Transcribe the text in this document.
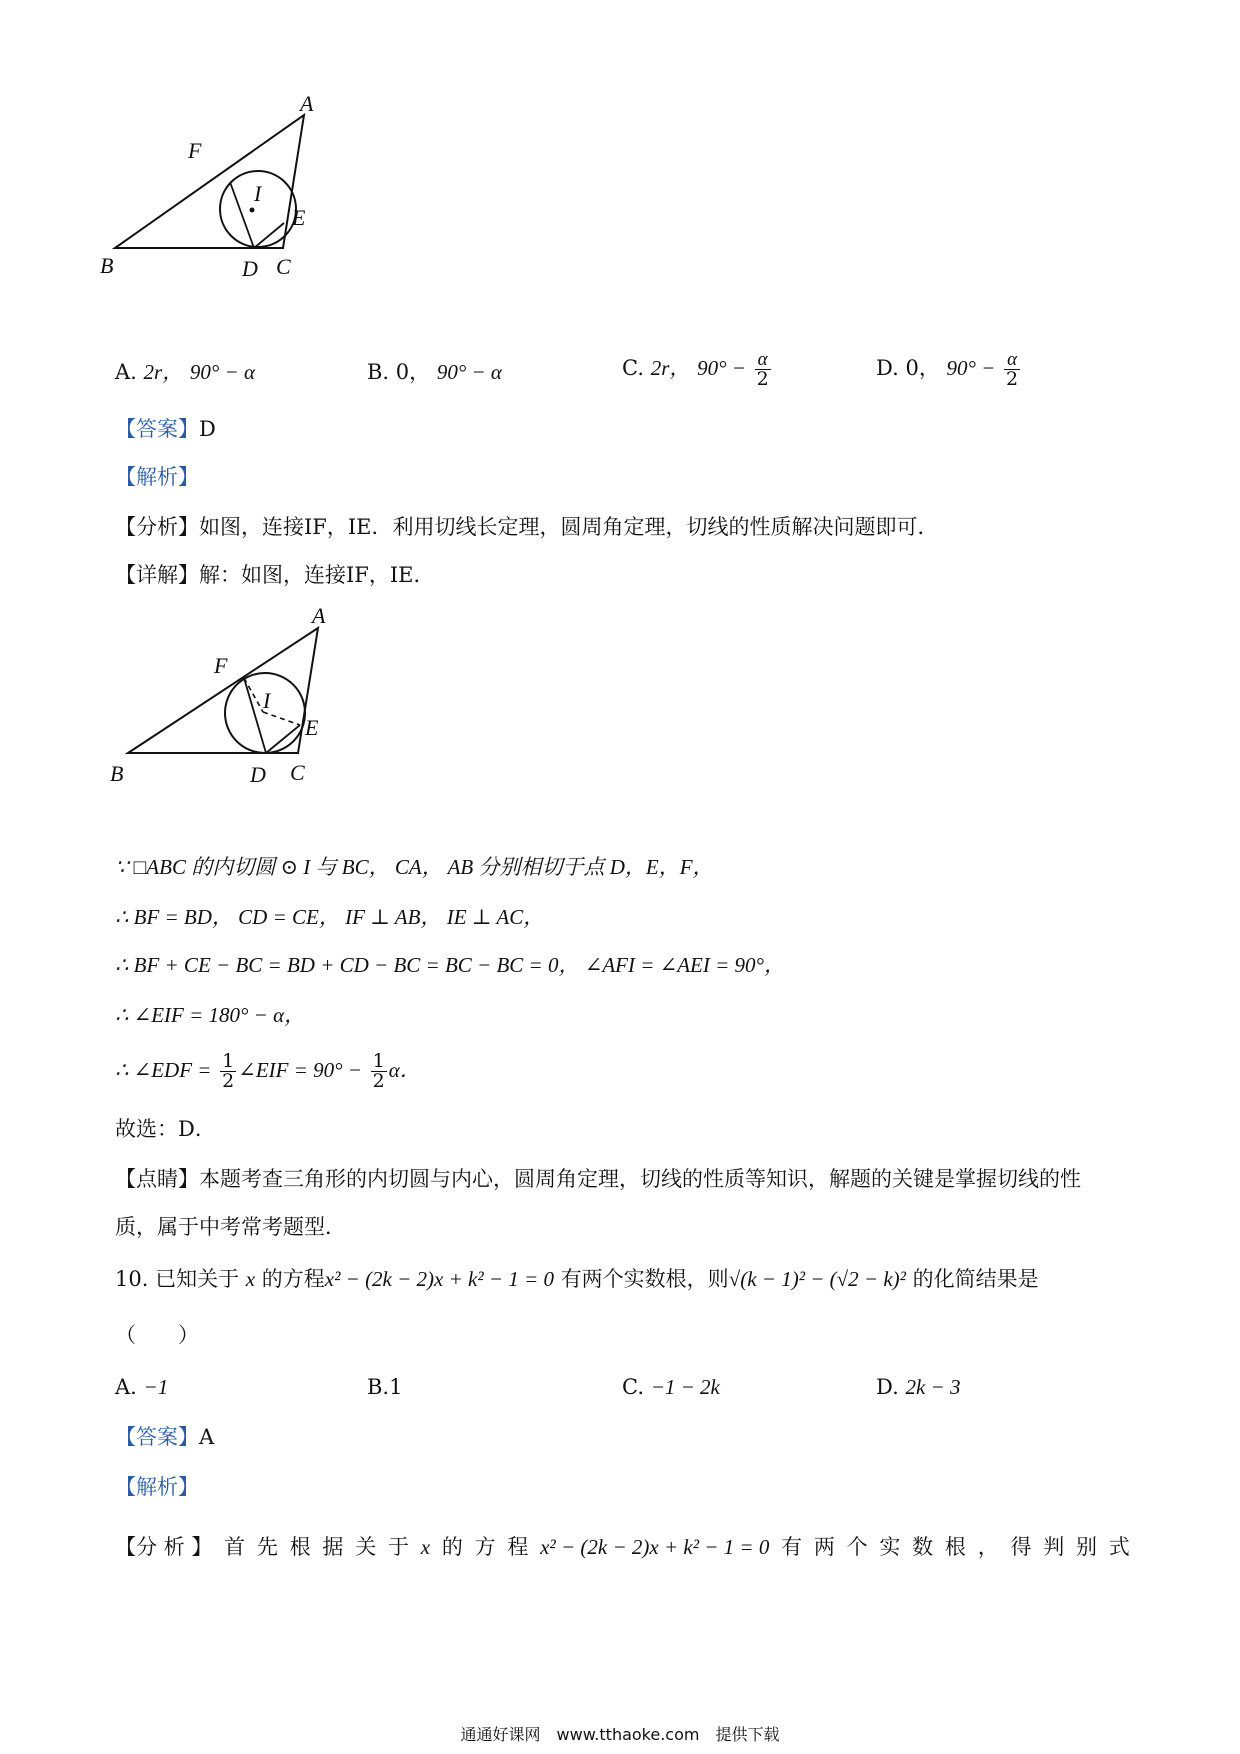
A
F
I
E
B	D C
A. 2r， 90° − α	B. 0， 90° − α	C. 2r， $90^\circ - \frac{\alpha}{2}$	D. 0， $90^\circ - \frac{\alpha}{2}$
【答案】D
【解析】
【分析】如图，连接IF，IE．利用切线长定理，圆周角定理，切线的性质解决问题即可．
【详解】解：如图，连接IF，IE．
A
F
I
E
B	D C
∵ □ABC 的内切圆 ⊙ I 与 BC， CA， AB 分别相切于点 D，E，F，
∴ BF = BD， CD = CE， IF ⊥ AB， IE ⊥ AC，
∴ BF + CE − BC = BD + CD − BC = BC − BC = 0， ∠AFI = ∠AEI = 90°，
∴ ∠EIF = 180° − α，
∴ ∠EDF = $\frac{1}{2}$ ∠EIF = $90^\circ - \frac{1}{2}$ α．
故选：D．
【点睛】本题考查三角形的内切圆与内心，圆周角定理，切线的性质等知识，解题的关键是掌握切线的性
质，属于中考常考题型．
10. 已知关于 x 的方程x² − (2k − 2)x + k² − 1 = 0 有两个实数根，则√(k − 1)² − (√2 − k)² 的化简结果是
（　　）
A. −1	B.1	C. −1 − 2k	D. 2k − 3
【答案】A
【解析】
【分 析 】 首 先 根 据 关 于 x 的 方 程 x² − (2k − 2)x + k² − 1 = 0 有 两 个 实 数 根 ， 得 判 别 式
通通好课网　www.tthaoke.com　提供下载
